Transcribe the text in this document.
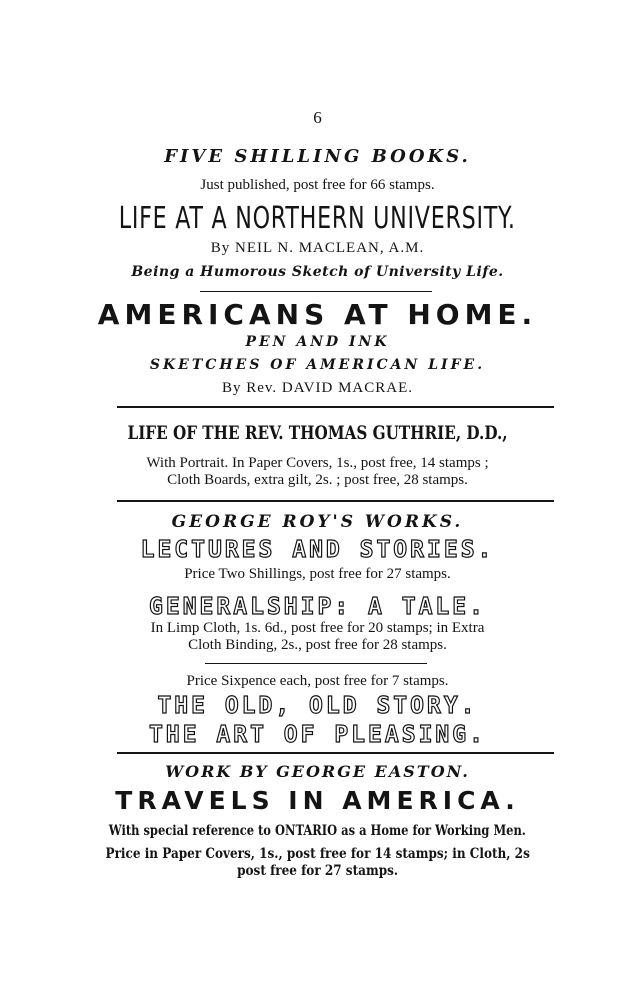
6
FIVE SHILLING BOOKS.
Just published, post free for 66 stamps.
LIFE AT A NORTHERN UNIVERSITY.
By NEIL N. MACLEAN, A.M.
Being a Humorous Sketch of University Life.
AMERICANS AT HOME.
PEN AND INK
SKETCHES OF AMERICAN LIFE.
By Rev. DAVID MACRAE.
LIFE OF THE REV. THOMAS GUTHRIE, D.D.,
With Portrait. In Paper Covers, 1s., post free, 14 stamps ;
Cloth Boards, extra gilt, 2s. ; post free, 28 stamps.
GEORGE ROY'S WORKS.
LECTURES AND STORIES.
Price Two Shillings, post free for 27 stamps.
GENERALSHIP: A TALE.
In Limp Cloth, 1s. 6d., post free for 20 stamps; in Extra
Cloth Binding, 2s., post free for 28 stamps.
Price Sixpence each, post free for 7 stamps.
THE OLD, OLD STORY.
THE ART OF PLEASING.
WORK BY GEORGE EASTON.
TRAVELS IN AMERICA.
With special reference to ONTARIO as a Home for Working Men.
Price in Paper Covers, 1s., post free for 14 stamps; in Cloth, 2s
post free for 27 stamps.
